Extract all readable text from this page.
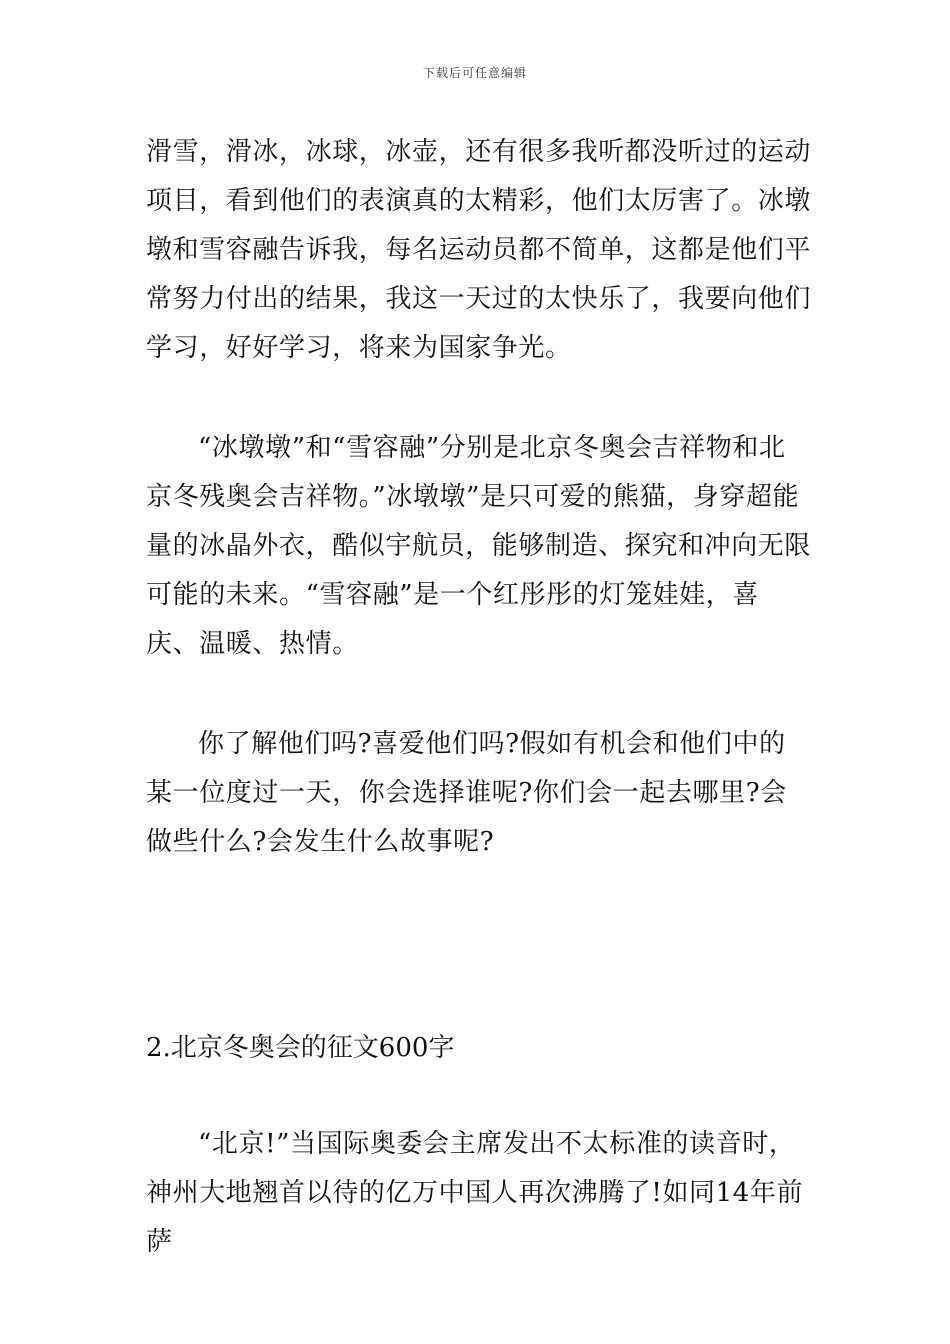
下载后可任意编辑

滑雪，滑冰，冰球，冰壶，还有很多我听都没听过的运动项目，看到他们的表演真的太精彩，他们太厉害了。冰墩墩和雪容融告诉我，每名运动员都不简单，这都是他们平常努力付出的结果，我这一天过的太快乐了，我要向他们学习，好好学习，将来为国家争光。

“冰墩墩”和“雪容融”分别是北京冬奥会吉祥物和北京冬残奥会吉祥物。”冰墩墩”是只可爱的熊猫，身穿超能量的冰晶外衣，酷似宇航员，能够制造、探究和冲向无限可能的未来。“雪容融”是一个红彤彤的灯笼娃娃，喜庆、温暖、热情。

你了解他们吗?喜爱他们吗?假如有机会和他们中的某一位度过一天，你会选择谁呢?你们会一起去哪里?会做些什么?会发生什么故事呢?

2.北京冬奥会的征文600字

“北京!”当国际奥委会主席发出不太标准的读音时，神州大地翘首以待的亿万中国人再次沸腾了!如同14年前萨
